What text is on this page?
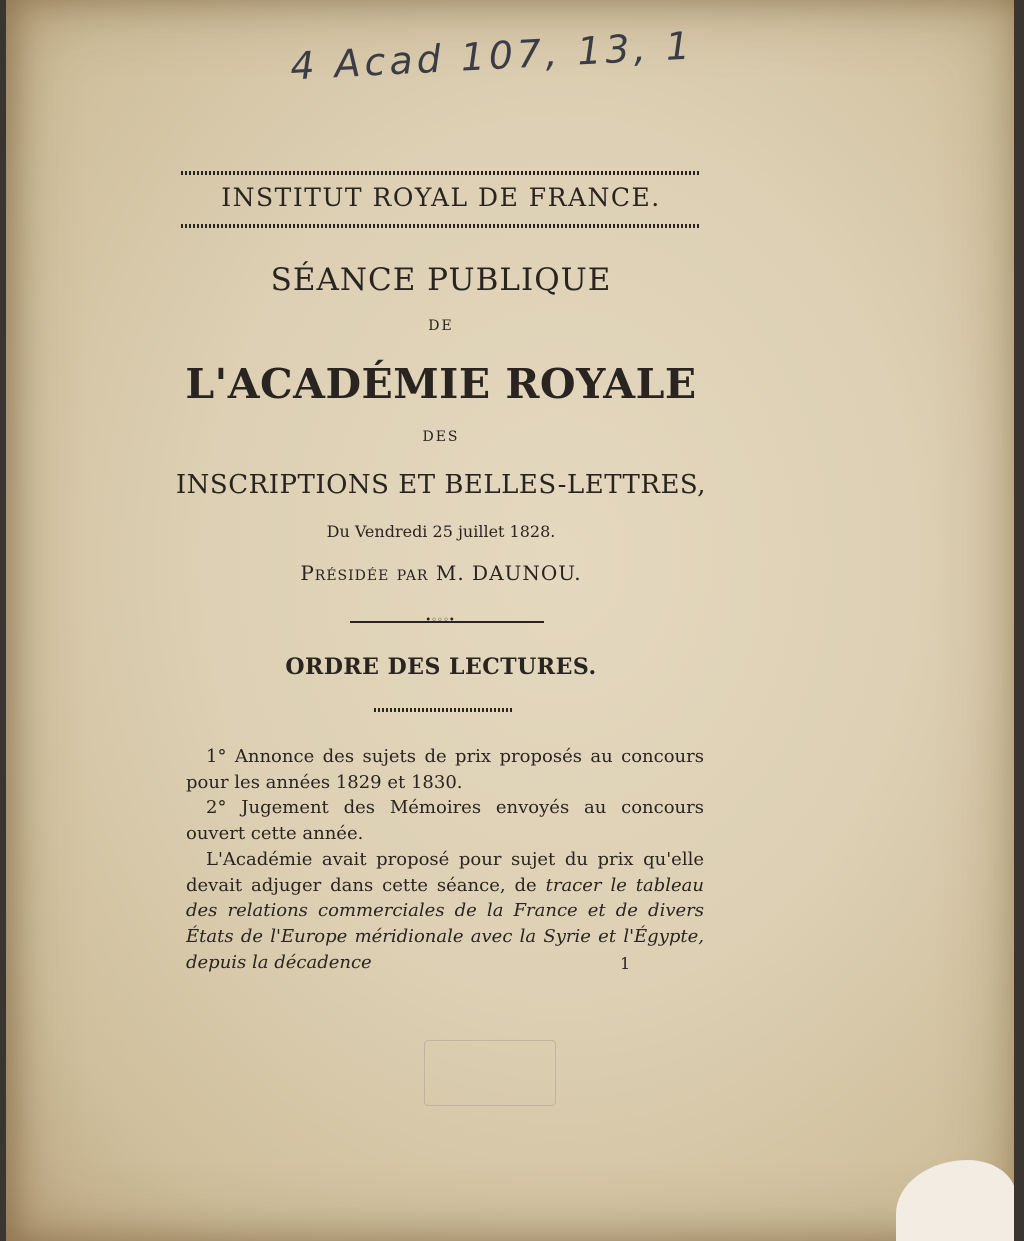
4 Acad 107, 13, 1
INSTITUT ROYAL DE FRANCE.
SÉANCE PUBLIQUE
DE
L'ACADÉMIE ROYALE
DES
INSCRIPTIONS ET BELLES-LETTRES,
Du Vendredi 25 juillet 1828.
Présidée par M. DAUNOU.
•◦◦◦•
ORDRE DES LECTURES.

1° Annonce des sujets de prix proposés au concours pour les années 1829 et 1830.

2° Jugement des Mémoires envoyés au concours ouvert cette année.

L'Académie avait proposé pour sujet du prix qu'elle devait adjuger dans cette séance, de tracer le tableau des relations commerciales de la France et de divers États de l'Europe méridionale avec la Syrie et l'Égypte, depuis la décadence	1
